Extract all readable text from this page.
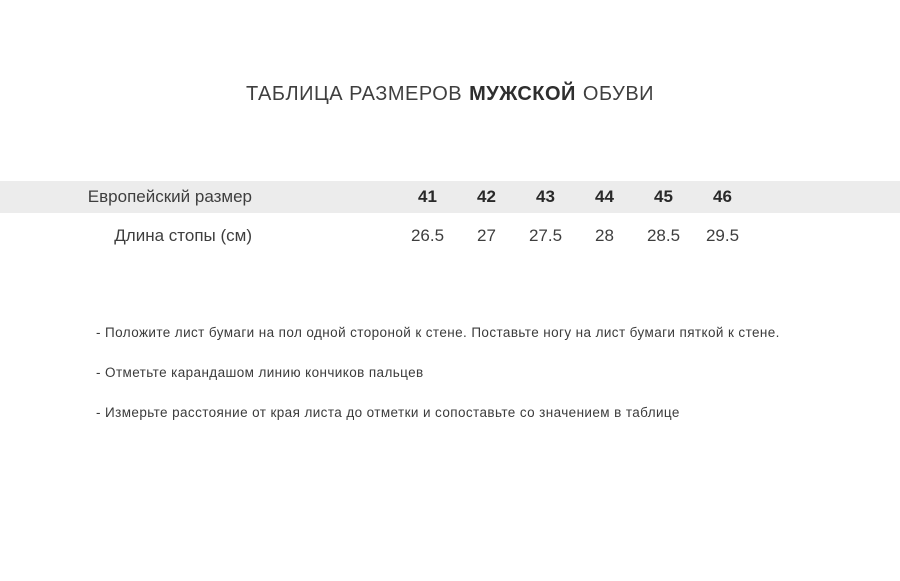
ТАБЛИЦА РАЗМЕРОВ МУЖСКОЙ ОБУВИ
Европейский размер	41	42	43	44	45	46
Длина стопы (см)	26.5	27	27.5	28	28.5	29.5

- Положите лист бумаги на пол одной стороной к стене. Поставьте ногу на лист бумаги пяткой к стене.

- Отметьте карандашом линию кончиков пальцев

- Измерьте расстояние от края листа до отметки и сопоставьте со значением в таблице
